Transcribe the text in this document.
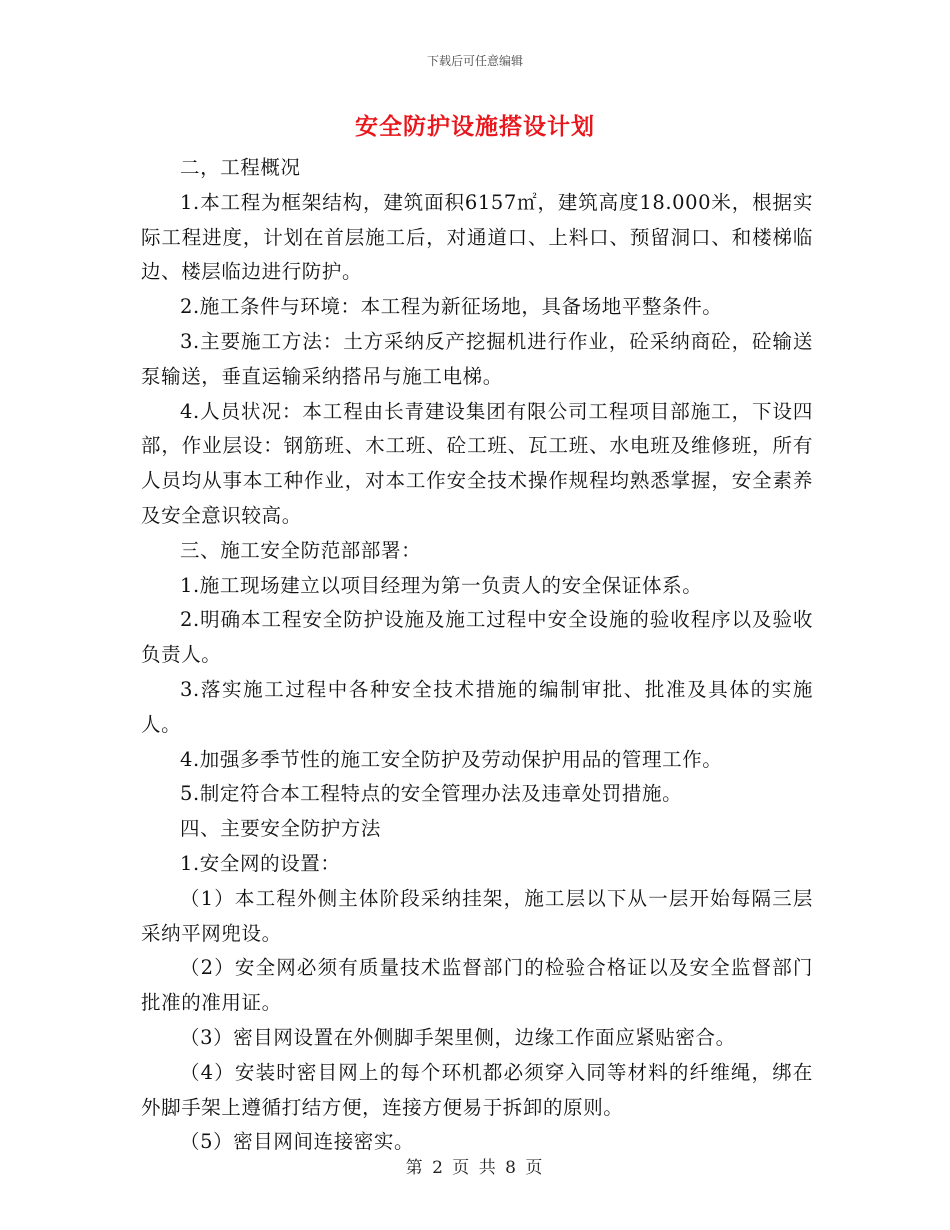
下载后可任意编辑
安全防护设施搭设计划

二，工程概况

1.本工程为框架结构，建筑面积6157㎡，建筑高度18.000米，根据实际工程进度，计划在首层施工后，对通道口、上料口、预留洞口、和楼梯临边、楼层临边进行防护。

2.施工条件与环境：本工程为新征场地，具备场地平整条件。

3.主要施工方法：土方采纳反产挖掘机进行作业，砼采纳商砼，砼输送泵输送，垂直运输采纳搭吊与施工电梯。

4.人员状况：本工程由长青建设集团有限公司工程项目部施工，下设四部，作业层设：钢筋班、木工班、砼工班、瓦工班、水电班及维修班，所有人员均从事本工种作业，对本工作安全技术操作规程均熟悉掌握，安全素养及安全意识较高。

三、施工安全防范部部署：

1.施工现场建立以项目经理为第一负责人的安全保证体系。

2.明确本工程安全防护设施及施工过程中安全设施的验收程序以及验收负责人。

3.落实施工过程中各种安全技术措施的编制审批、批准及具体的实施人。

4.加强多季节性的施工安全防护及劳动保护用品的管理工作。

5.制定符合本工程特点的安全管理办法及违章处罚措施。

四、主要安全防护方法

1.安全网的设置：

（1）本工程外侧主体阶段采纳挂架，施工层以下从一层开始每隔三层采纳平网兜设。

（2）安全网必须有质量技术监督部门的检验合格证以及安全监督部门批准的准用证。

（3）密目网设置在外侧脚手架里侧，边缘工作面应紧贴密合。

（4）安装时密目网上的每个环机都必须穿入同等材料的纤维绳，绑在外脚手架上遵循打结方便，连接方便易于拆卸的原则。

（5）密目网间连接密实。

第 2 页 共 8 页
